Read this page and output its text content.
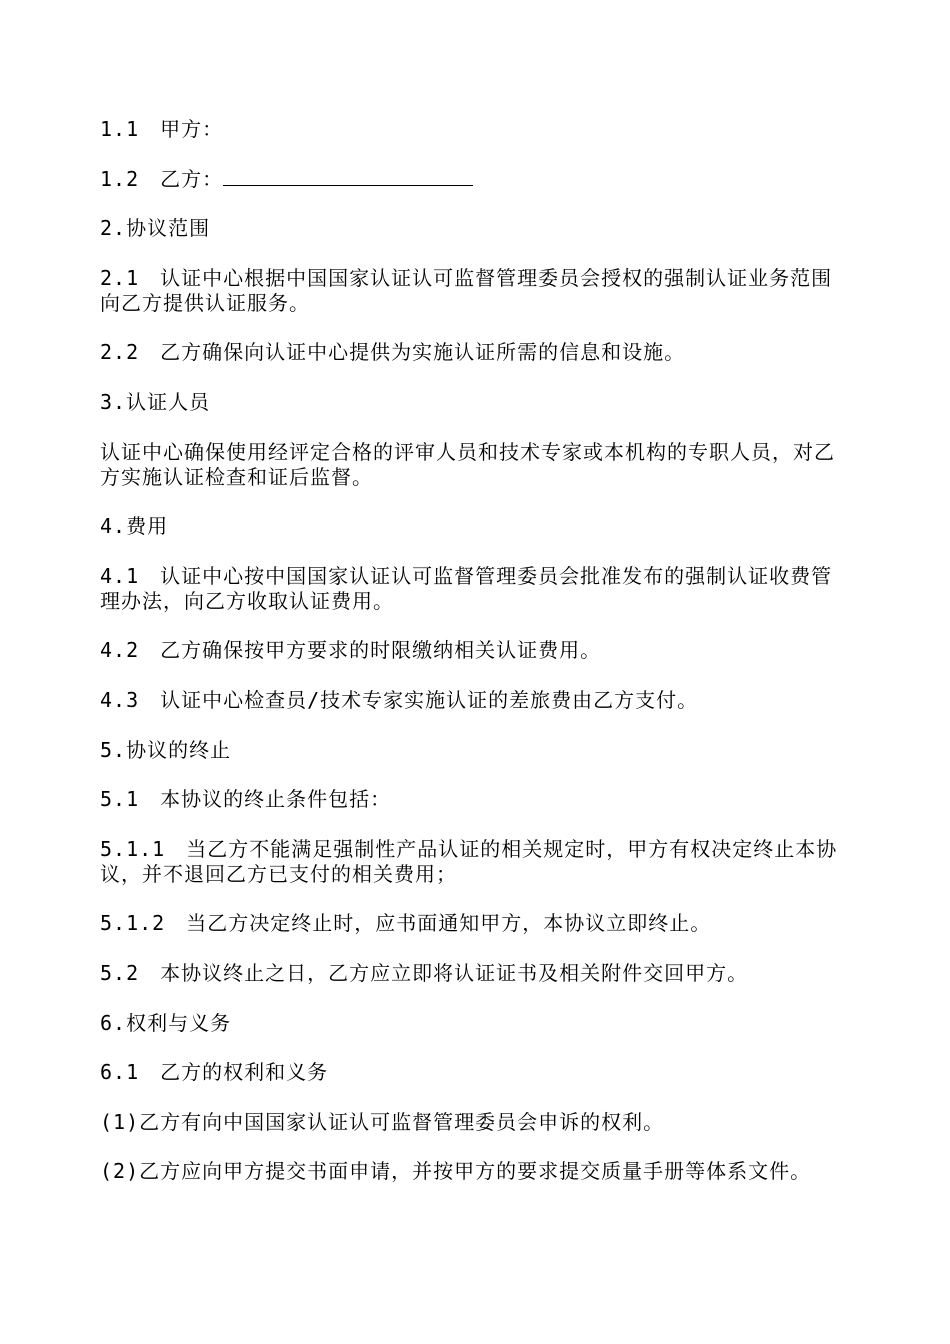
1.1　甲方：

1.2　乙方：

2.协议范围

2.1　认证中心根据中国国家认证认可监督管理委员会授权的强制认证业务范围向乙方提供认证服务。

2.2　乙方确保向认证中心提供为实施认证所需的信息和设施。

3.认证人员

认证中心确保使用经评定合格的评审人员和技术专家或本机构的专职人员，对乙方实施认证检查和证后监督。

4.费用

4.1　认证中心按中国国家认证认可监督管理委员会批准发布的强制认证收费管理办法，向乙方收取认证费用。

4.2　乙方确保按甲方要求的时限缴纳相关认证费用。

4.3　认证中心检查员/技术专家实施认证的差旅费由乙方支付。

5.协议的终止

5.1　本协议的终止条件包括：

5.1.1　当乙方不能满足强制性产品认证的相关规定时，甲方有权决定终止本协议，并不退回乙方已支付的相关费用；

5.1.2　当乙方决定终止时，应书面通知甲方，本协议立即终止。

5.2　本协议终止之日，乙方应立即将认证证书及相关附件交回甲方。

6.权利与义务

6.1　乙方的权利和义务

(1)乙方有向中国国家认证认可监督管理委员会申诉的权利。

(2)乙方应向甲方提交书面申请，并按甲方的要求提交质量手册等体系文件。
